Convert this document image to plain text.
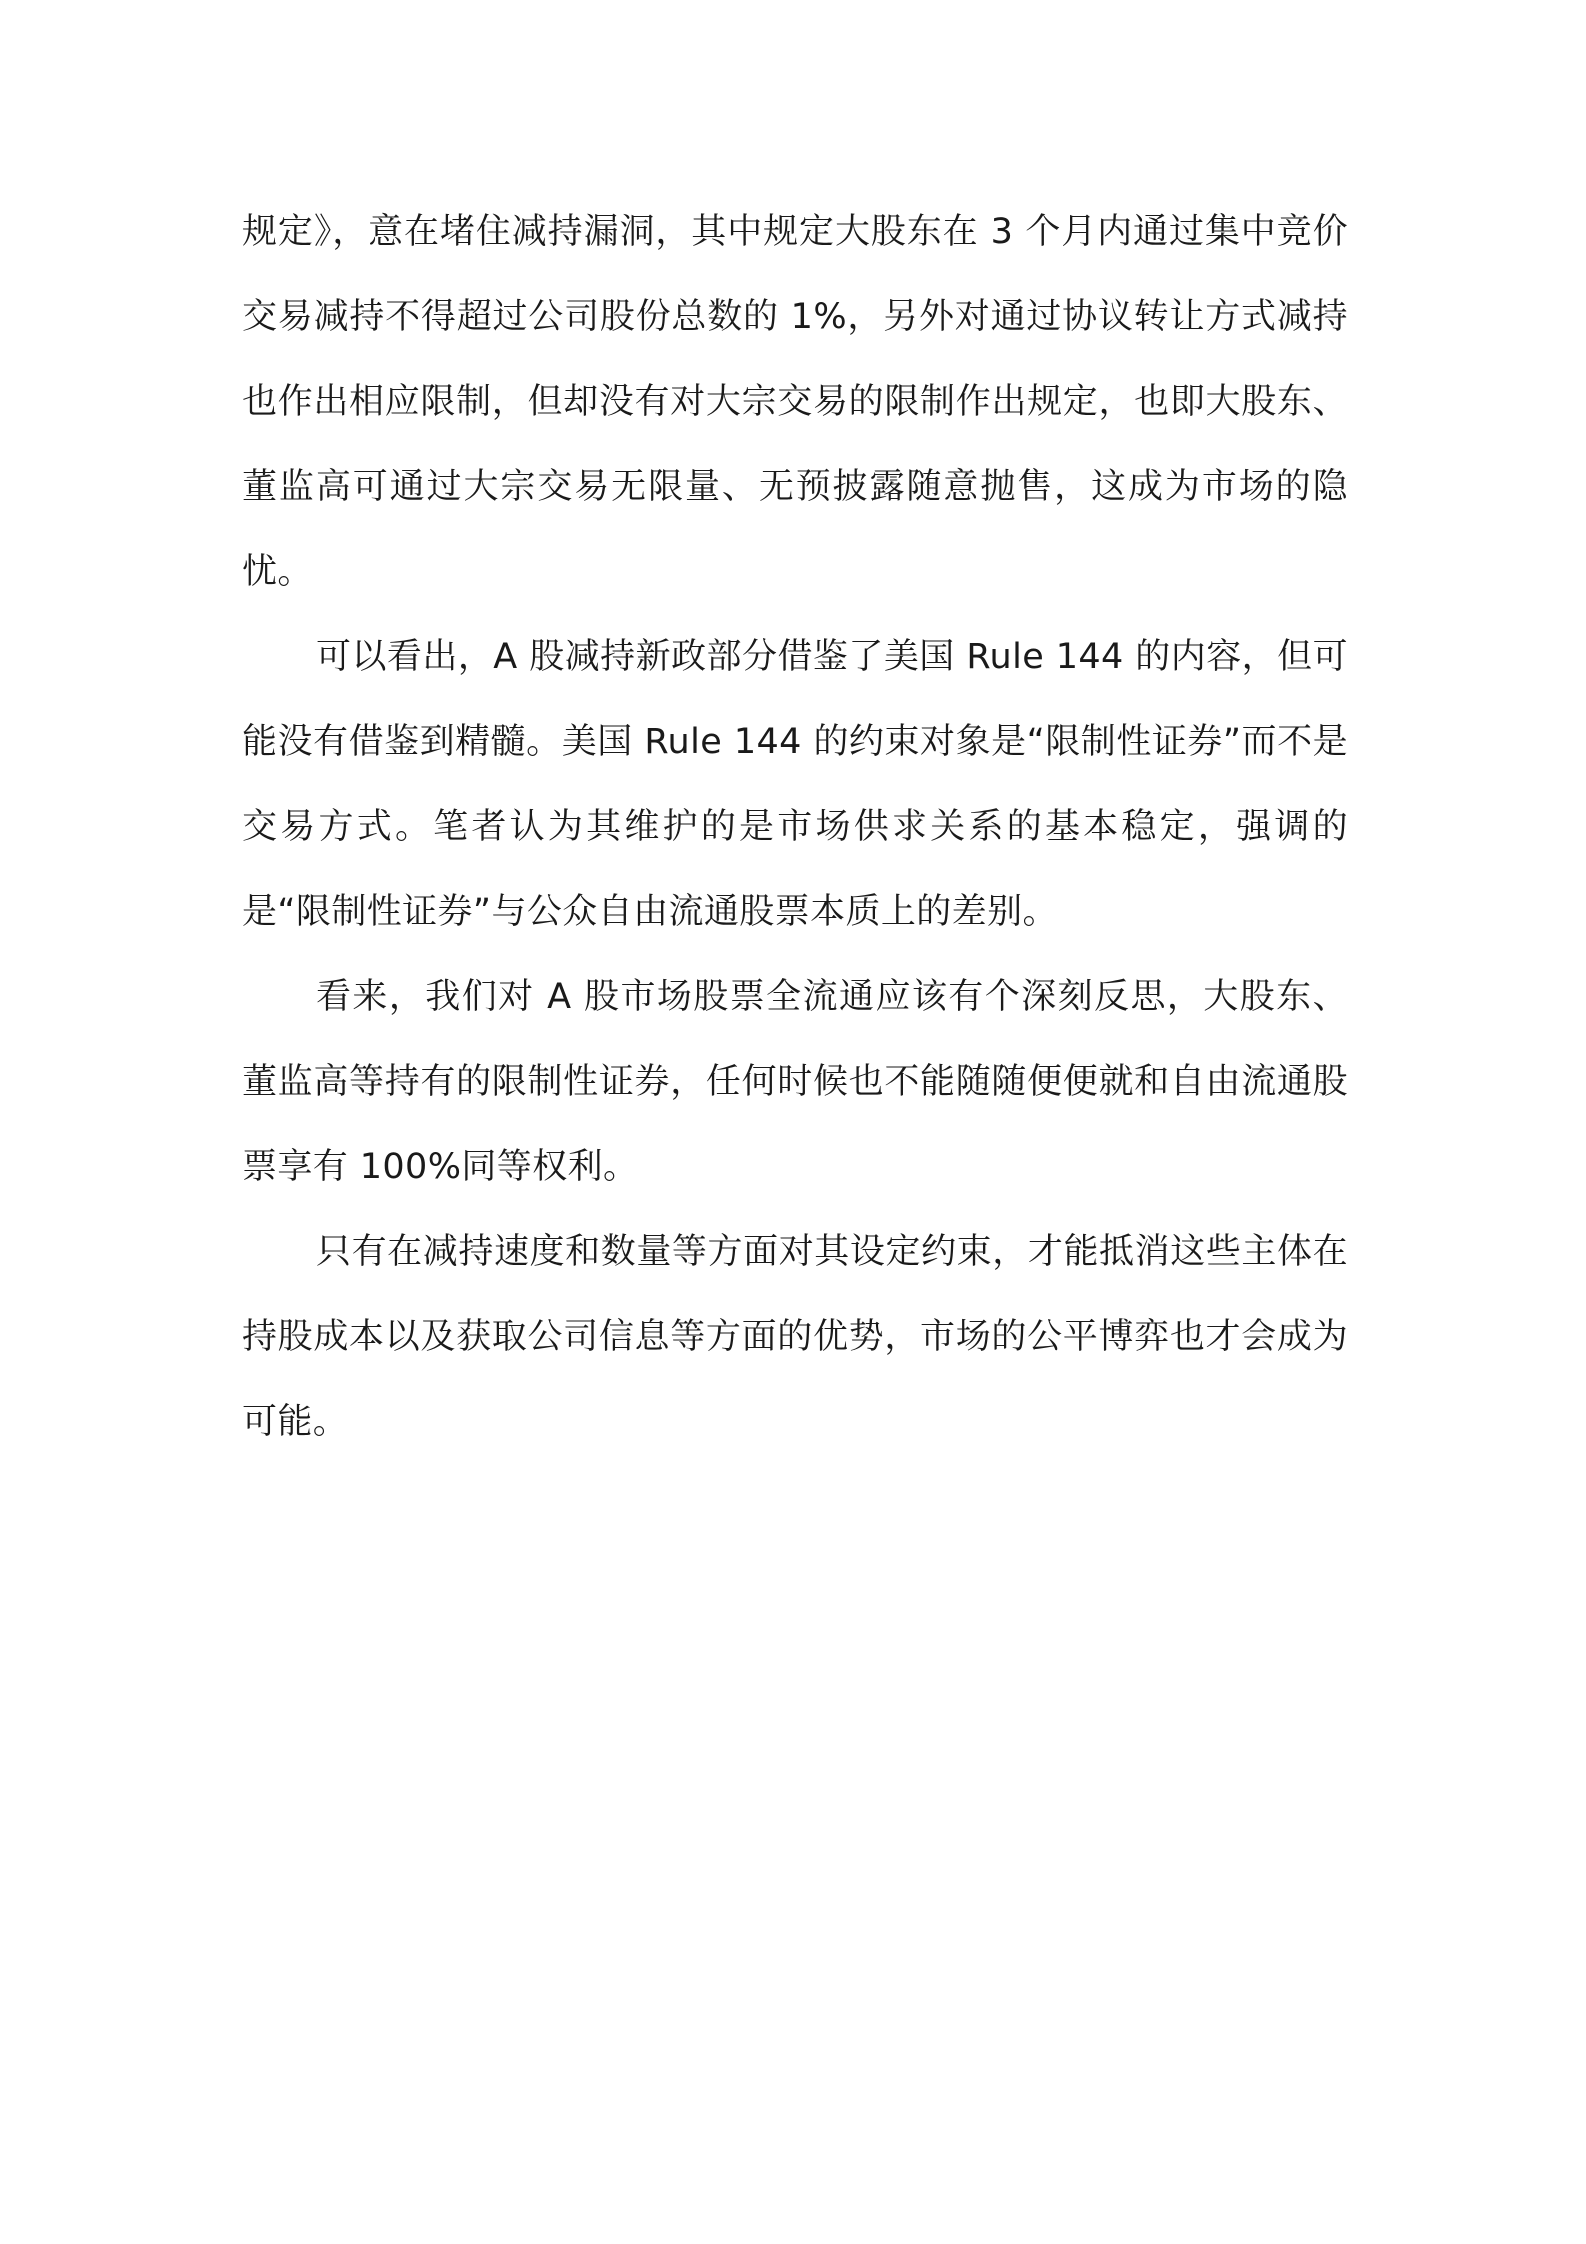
规定》，意在堵住减持漏洞，其中规定大股东在 3 个月内通过集中竞价交易减持不得超过公司股份总数的 1%，另外对通过协议转让方式减持也作出相应限制，但却没有对大宗交易的限制作出规定，也即大股东、董监高可通过大宗交易无限量、无预披露随意抛售，这成为市场的隐忧。

可以看出，A 股减持新政部分借鉴了美国 Rule 144 的内容，但可能没有借鉴到精髓。美国 Rule 144 的约束对象是“限制性证券”而不是交易方式。笔者认为其维护的是市场供求关系的基本稳定，强调的是“限制性证券”与公众自由流通股票本质上的差别。

看来，我们对 A 股市场股票全流通应该有个深刻反思，大股东、董监高等持有的限制性证券，任何时候也不能随随便便就和自由流通股票享有 100%同等权利。

只有在减持速度和数量等方面对其设定约束，才能抵消这些主体在持股成本以及获取公司信息等方面的优势，市场的公平博弈也才会成为可能。
